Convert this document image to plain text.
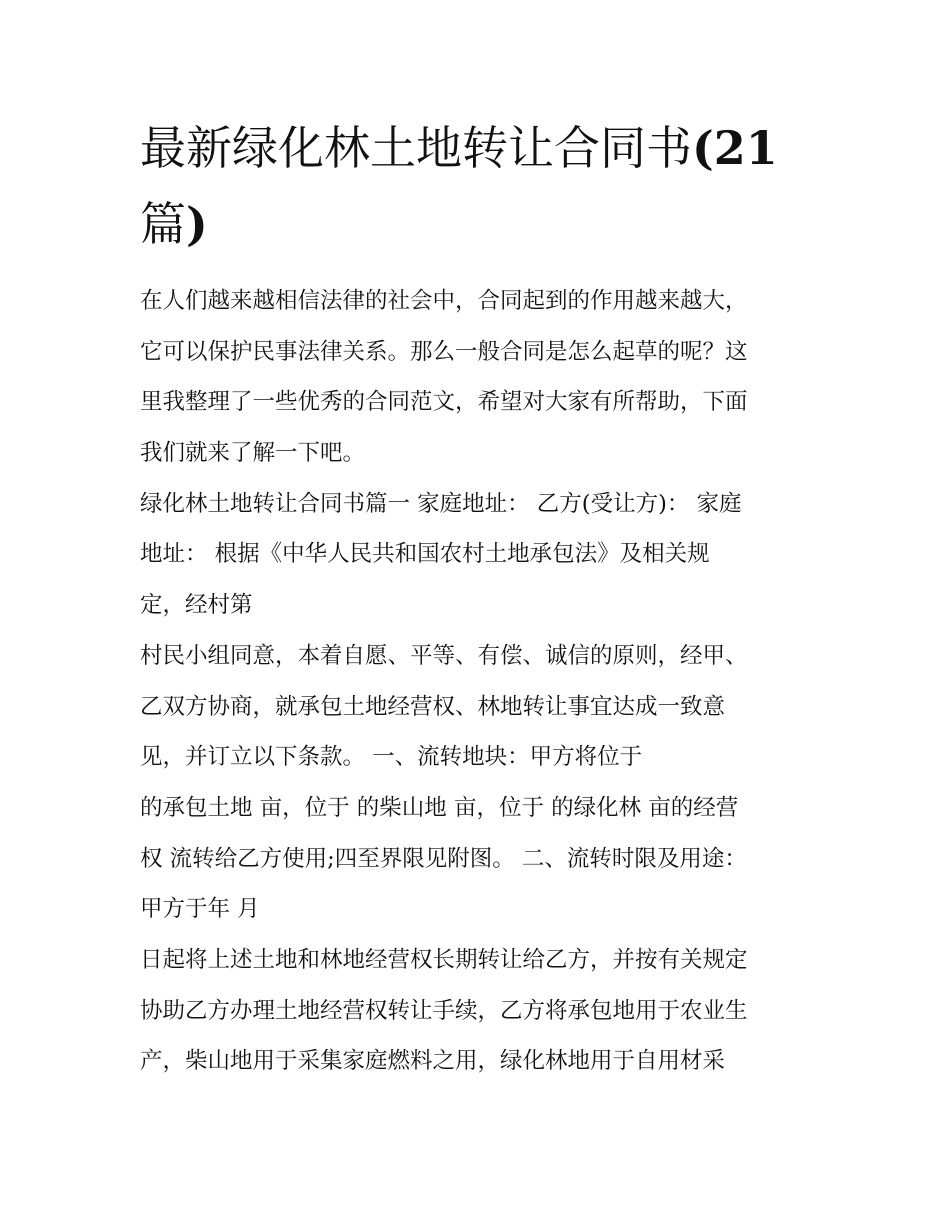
最新绿化林土地转让合同书(21
篇)

在人们越来越相信法律的社会中，合同起到的作用越来越大，

它可以保护民事法律关系。那么一般合同是怎么起草的呢？这

里我整理了一些优秀的合同范文，希望对大家有所帮助，下面

我们就来了解一下吧。

绿化林土地转让合同书篇一 家庭地址： 乙方(受让方)： 家庭

地址： 根据《中华人民共和国农村土地承包法》及相关规

定，经村第

村民小组同意，本着自愿、平等、有偿、诚信的原则，经甲、

乙双方协商，就承包土地经营权、林地转让事宜达成一致意

见，并订立以下条款。 一、流转地块：甲方将位于

的承包土地 亩，位于 的柴山地 亩，位于 的绿化林 亩的经营

权 流转给乙方使用;四至界限见附图。 二、流转时限及用途：

甲方于年 月

日起将上述土地和林地经营权长期转让给乙方，并按有关规定

协助乙方办理土地经营权转让手续，乙方将承包地用于农业生

产，柴山地用于采集家庭燃料之用，绿化林地用于自用材采
